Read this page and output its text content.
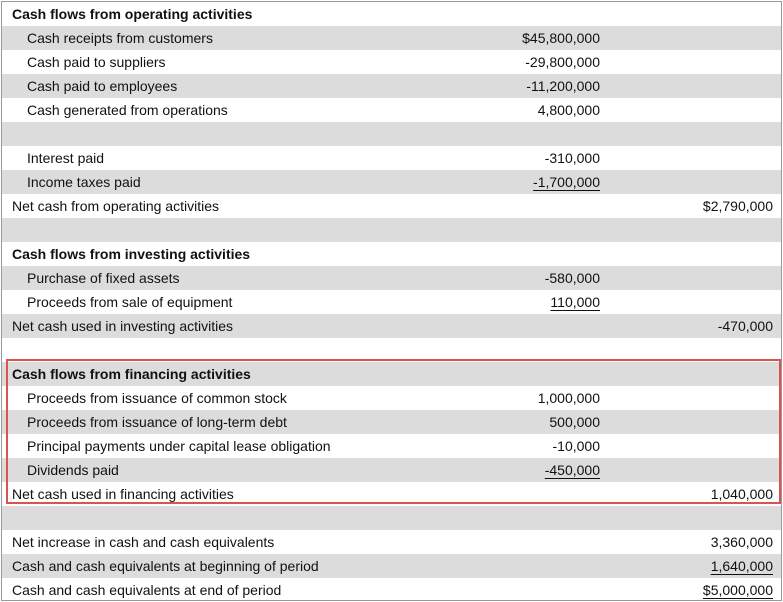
Cash flows from operating activities
Cash receipts from customers	$45,800,000
Cash paid to suppliers	-29,800,000
Cash paid to employees	-11,200,000
Cash generated from operations	4,800,000
Interest paid	-310,000
Income taxes paid	-1,700,000
Net cash from operating activities	$2,790,000
Cash flows from investing activities
Purchase of fixed assets	-580,000
Proceeds from sale of equipment	110,000
Net cash used in investing activities	-470,000
Cash flows from financing activities
Proceeds from issuance of common stock	1,000,000
Proceeds from issuance of long-term debt	500,000
Principal payments under capital lease obligation	-10,000
Dividends paid	-450,000
Net cash used in financing activities	1,040,000
Net increase in cash and cash equivalents	3,360,000
Cash and cash equivalents at beginning of period	1,640,000
Cash and cash equivalents at end of period	$5,000,000
